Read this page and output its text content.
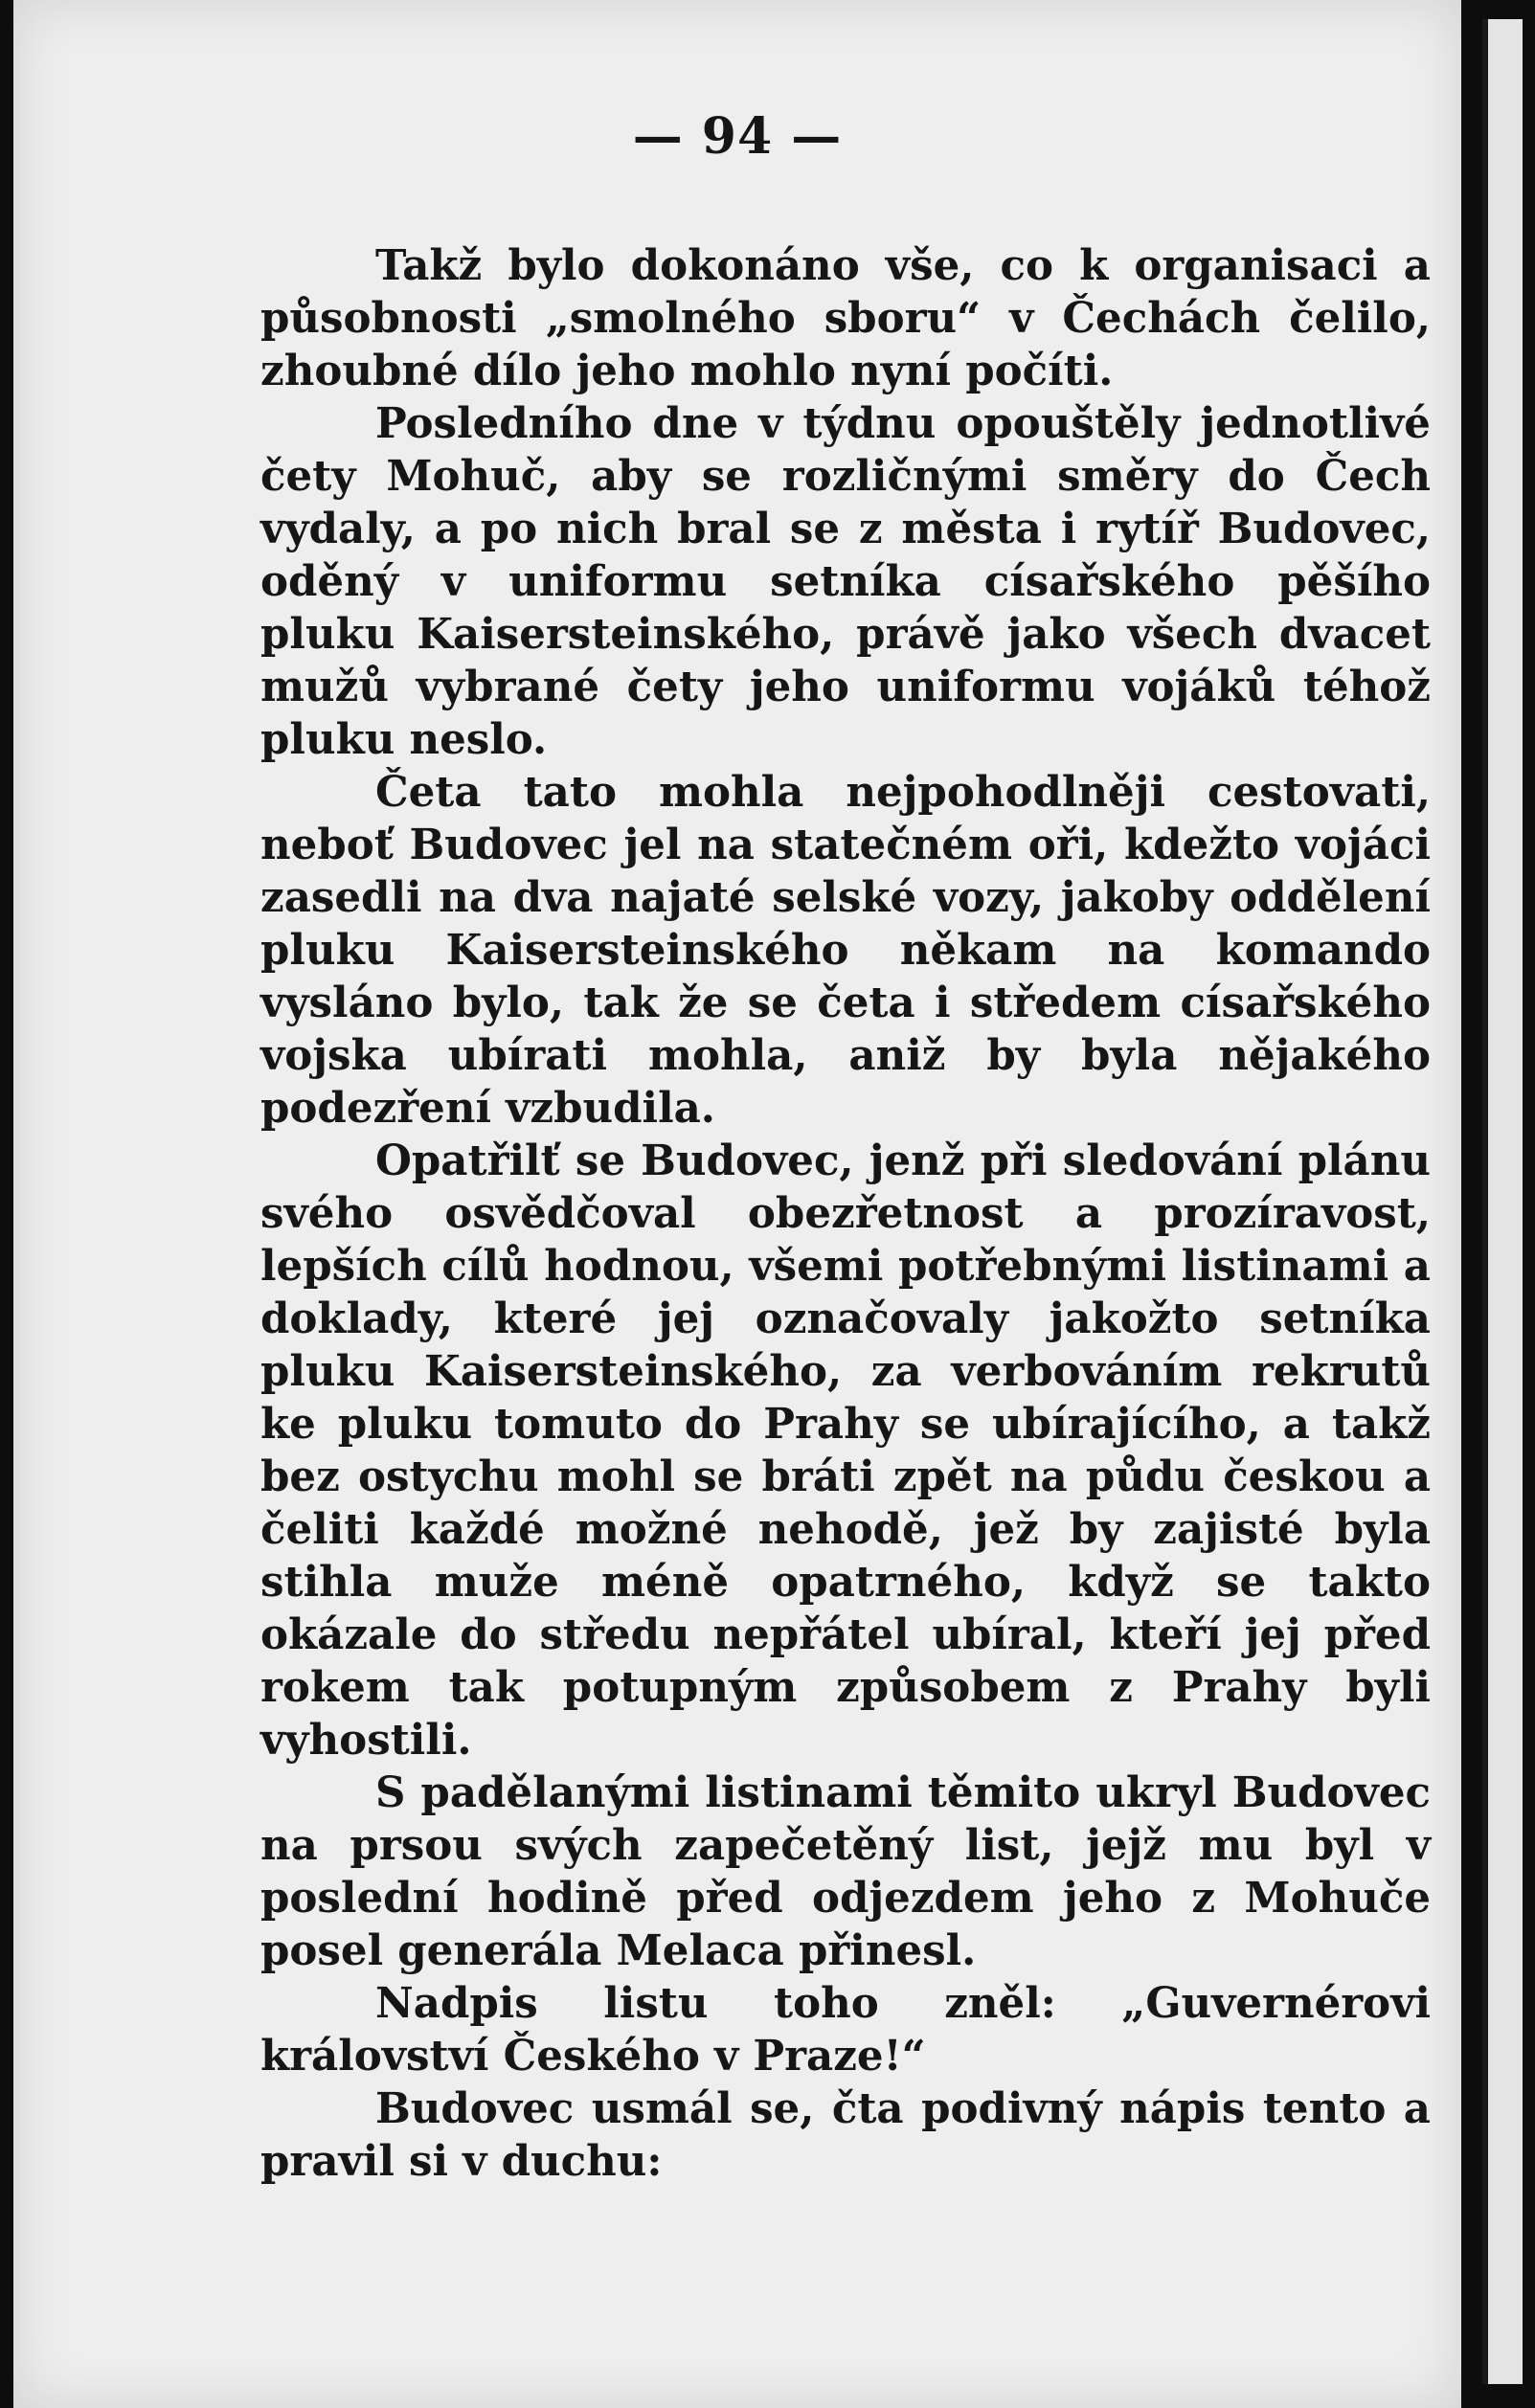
— 94 —

Takž bylo dokonáno vše, co k organisaci a působnosti „smolného sboru“ v Čechách čelilo, zhoubné dílo jeho mohlo nyní počíti.

Posledního dne v týdnu opouštěly jednotlivé čety Mohuč, aby se rozličnými směry do Čech vydaly, a po nich bral se z města i rytíř Budovec, oděný v uniformu setníka císařského pěšího pluku Kaisersteinského, právě jako všech dvacet mužů vybrané čety jeho uniformu vojáků téhož pluku neslo.

Četa tato mohla nejpohodlněji cestovati, neboť Budovec jel na statečném oři, kdežto vojáci zasedli na dva najaté selské vozy, jakoby oddělení pluku Kaisersteinského někam na komando vysláno bylo, tak že se četa i středem císařského vojska ubírati mohla, aniž by byla nějakého podezření vzbudila.

Opatřilť se Budovec, jenž při sledování plánu svého osvědčoval obezřetnost a prozíravost, lepších cílů hodnou, všemi potřebnými listinami a doklady, které jej označovaly jakožto setníka pluku Kaisersteinského, za verbováním rekrutů ke pluku tomuto do Prahy se ubírajícího, a takž bez ostychu mohl se bráti zpět na půdu českou a čeliti každé možné nehodě, jež by zajisté byla stihla muže méně opatrného, když se takto okázale do středu nepřátel ubíral, kteří jej před rokem tak potupným způsobem z Prahy byli vyhostili.

S padělanými listinami těmito ukryl Budovec na prsou svých zapečetěný list, jejž mu byl v poslední hodině před odjezdem jeho z Mohuče posel generála Melaca přinesl.

Nadpis listu toho zněl: „Guvernérovi království Českého v Praze!“

Budovec usmál se, čta podivný nápis tento a pravil si v duchu:
